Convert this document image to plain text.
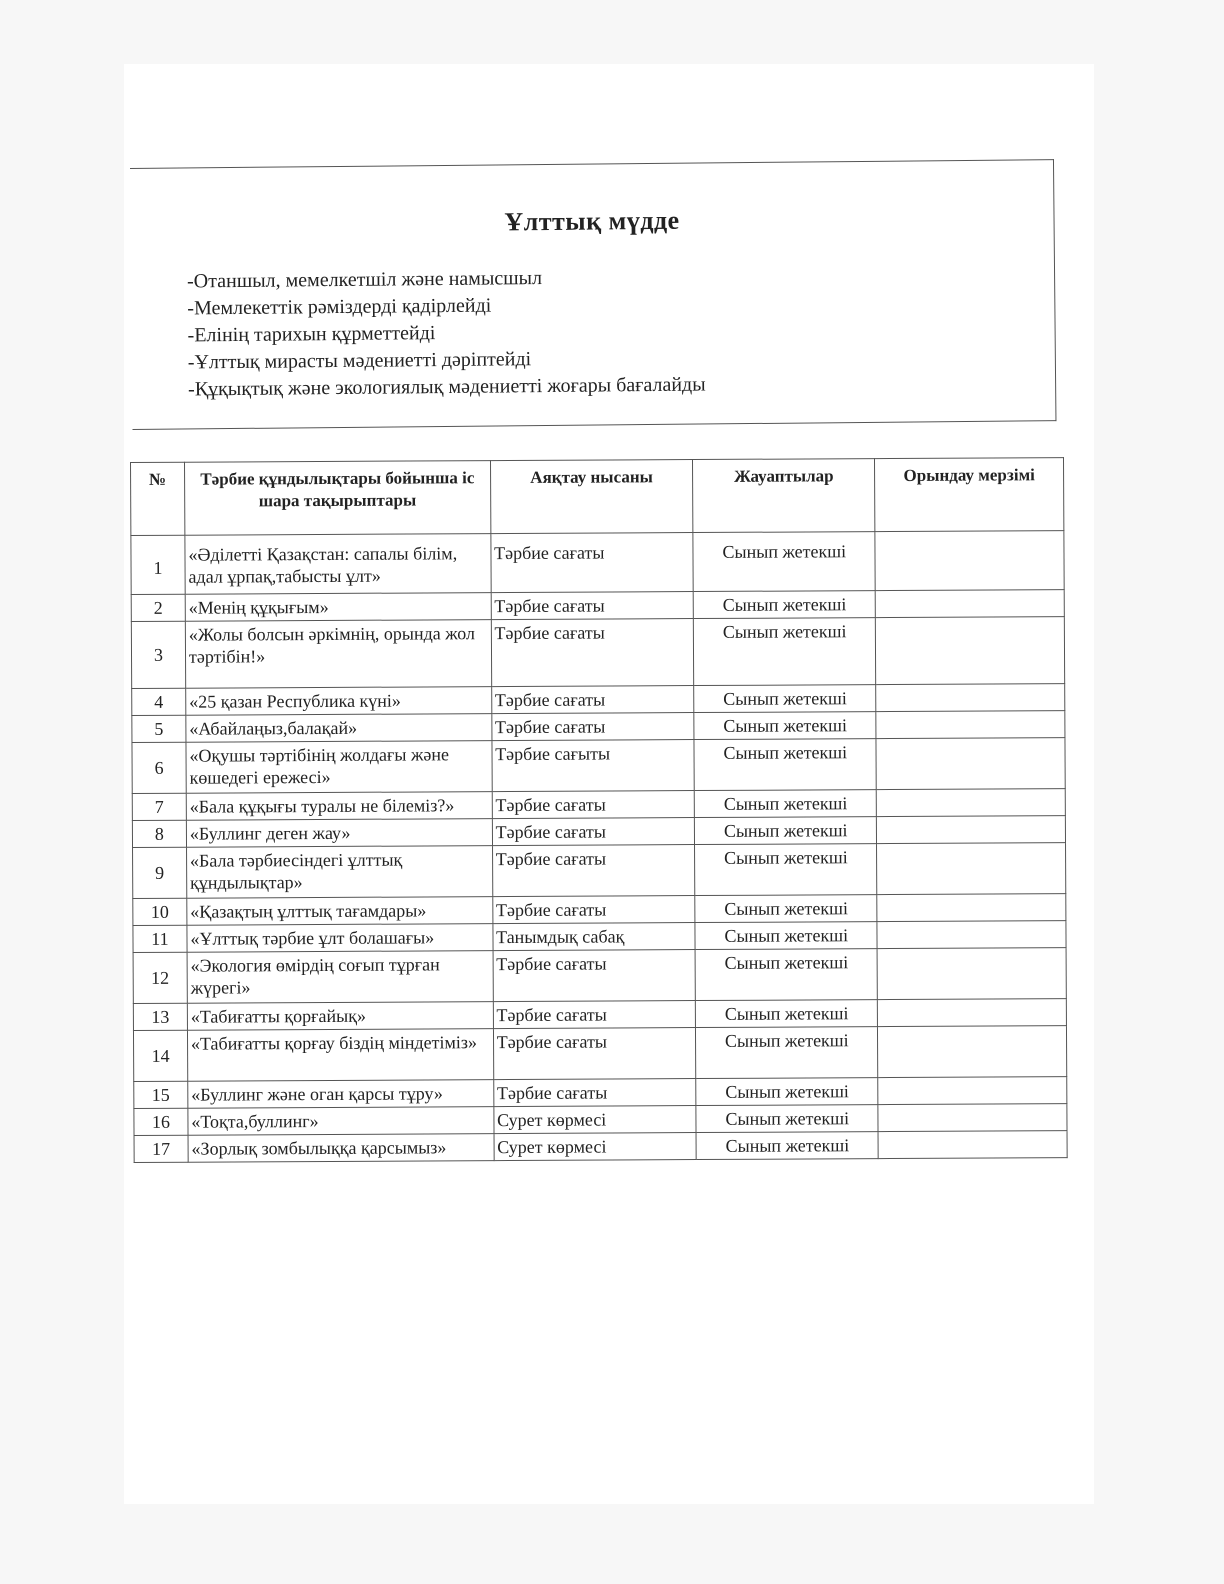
Ұлттық мүдде
-Отаншыл, мемелкетшіл және намысшыл
-Мемлекеттік рәміздерді қадірлейді
-Елінің тарихын құрметтейді
-Ұлттық мирасты мәдениетті дәріптейді
-Құқықтық және экологиялық мәдениетті жоғары бағалайды
№	Тәрбие құндылықтары бойынша іс шара тақырыптары	Аяқтау нысаны	Жауаптылар	Орындау мерзімі
1	«Әділетті Қазақстан: сапалы білім, адал ұрпақ,табысты ұлт»	Тәрбие сағаты	Сынып жетекші	
2	«Менің құқығым»	Тәрбие сағаты	Сынып жетекші	
3	«Жолы болсын әркімнің, орында жол тәртібін!»	Тәрбие сағаты	Сынып жетекші	
4	«25 қазан Республика күні»	Тәрбие сағаты	Сынып жетекші	
5	«Абайлаңыз,балақай»	Тәрбие сағаты	Сынып жетекші	
6	«Оқушы тәртібінің жолдағы және көшедегі ережесі»	Тәрбие сағыты	Сынып жетекші	
7	«Бала құқығы туралы не білеміз?»	Тәрбие сағаты	Сынып жетекші	
8	«Буллинг деген жау»	Тәрбие сағаты	Сынып жетекші	
9	«Бала тәрбиесіндегі ұлттық құндылықтар»	Тәрбие сағаты	Сынып жетекші	
10	«Қазақтың ұлттық тағамдары»	Тәрбие сағаты	Сынып жетекші	
11	«Ұлттық тәрбие ұлт болашағы»	Танымдық сабақ	Сынып жетекші	
12	«Экология өмірдің соғып тұрған жүрегі»	Тәрбие сағаты	Сынып жетекші	
13	«Табиғатты қорғайық»	Тәрбие сағаты	Сынып жетекші	
14	«Табиғатты қорғау біздің міндетіміз»	Тәрбие сағаты	Сынып жетекші	
15	«Буллинг және оган қарсы тұру»	Тәрбие сағаты	Сынып жетекші	
16	«Тоқта,буллинг»	Сурет көрмесі	Сынып жетекші	
17	«Зорлық зомбылыққа қарсымыз»	Сурет көрмесі	Сынып жетекші	
